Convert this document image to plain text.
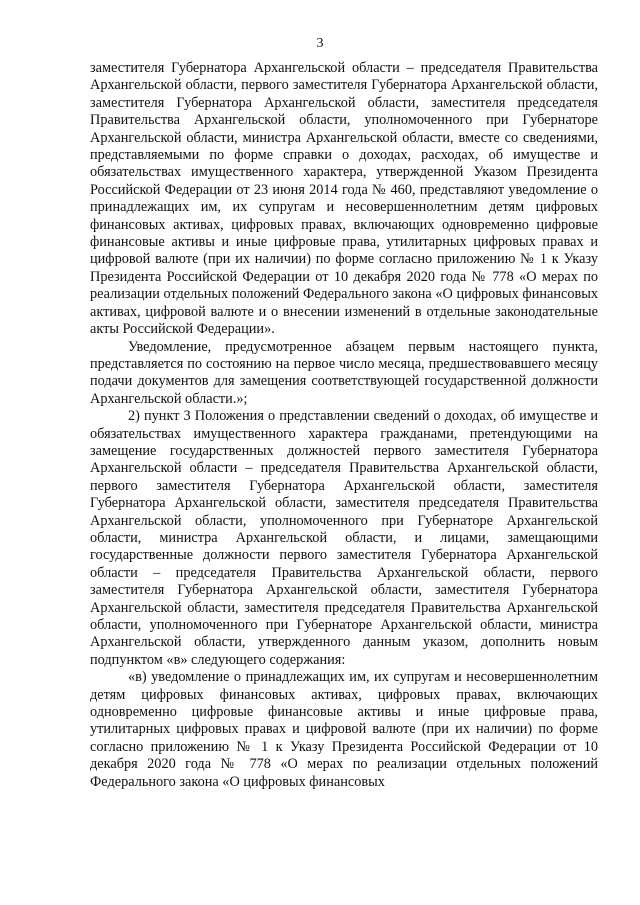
3

заместителя Губернатора Архангельской области – председателя Правительства Архангельской области, первого заместителя Губернатора Архангельской области, заместителя Губернатора Архангельской области, заместителя председателя Правительства Архангельской области, уполномоченного при Губернаторе Архангельской области, министра Архангельской области, вместе со сведениями, представляемыми по форме справки о доходах, расходах, об имуществе и обязательствах имущественного характера, утвержденной Указом Президента Российской Федерации от 23 июня 2014 года № 460, представляют уведомление о принадлежащих им, их супругам и несовершеннолетним детям цифровых финансовых активах, цифровых правах, включающих одновременно цифровые финансовые активы и иные цифровые права, утилитарных цифровых правах и цифровой валюте (при их наличии) по форме согласно приложению № 1 к Указу Президента Российской Федерации от 10 декабря 2020 года № 778 «О мерах по реализации отдельных положений Федерального закона «О цифровых финансовых активах, цифровой валюте и о внесении изменений в отдельные законодательные акты Российской Федерации».

Уведомление, предусмотренное абзацем первым настоящего пункта, представляется по состоянию на первое число месяца, предшествовавшего месяцу подачи документов для замещения соответствующей государственной должности Архангельской области.»;

2) пункт 3 Положения о представлении сведений о доходах, об имуществе и обязательствах имущественного характера гражданами, претендующими на замещение государственных должностей первого заместителя Губернатора Архангельской области – председателя Правительства Архангельской области, первого заместителя Губернатора Архангельской области, заместителя Губернатора Архангельской области, заместителя председателя Правительства Архангельской области, уполномоченного при Губернаторе Архангельской области, министра Архангельской области, и лицами, замещающими государственные должности первого заместителя Губернатора Архангельской области – председателя Правительства Архангельской области, первого заместителя Губернатора Архангельской области, заместителя Губернатора Архангельской области, заместителя председателя Правительства Архангельской области, уполномоченного при Губернаторе Архангельской области, министра Архангельской области, утвержденного данным указом, дополнить новым подпунктом «в» следующего содержания:

«в) уведомление о принадлежащих им, их супругам и несовершеннолетним детям цифровых финансовых активах, цифровых правах, включающих одновременно цифровые финансовые активы и иные цифровые права, утилитарных цифровых правах и цифровой валюте (при их наличии) по форме согласно приложению № 1 к Указу Президента Российской Федерации от 10 декабря 2020 года № 778 «О мерах по реализации отдельных положений Федерального закона «О цифровых финансовых
